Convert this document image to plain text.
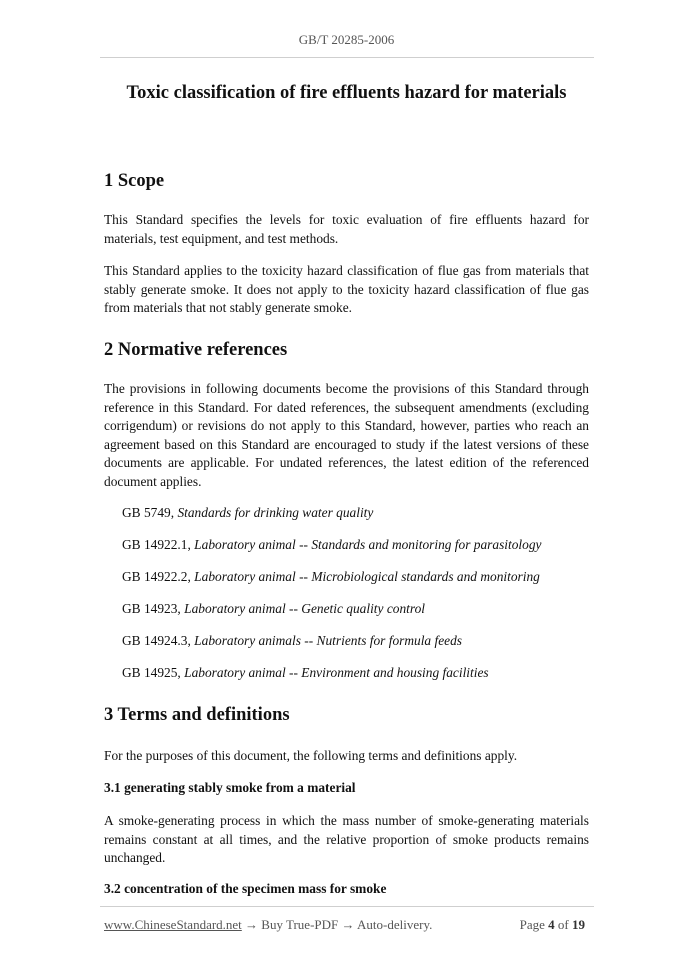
GB/T 20285-2006
Toxic classification of fire effluents hazard for materials
1 Scope

This Standard specifies the levels for toxic evaluation of fire effluents hazard for materials, test equipment, and test methods.

This Standard applies to the toxicity hazard classification of flue gas from materials that stably generate smoke. It does not apply to the toxicity hazard classification of flue gas from materials that not stably generate smoke.

2 Normative references

The provisions in following documents become the provisions of this Standard through reference in this Standard. For dated references, the subsequent amendments (excluding corrigendum) or revisions do not apply to this Standard, however, parties who reach an agreement based on this Standard are encouraged to study if the latest versions of these documents are applicable. For undated references, the latest edition of the referenced document applies.

GB 5749, Standards for drinking water quality
GB 14922.1, Laboratory animal -- Standards and monitoring for parasitology
GB 14922.2, Laboratory animal -- Microbiological standards and monitoring
GB 14923, Laboratory animal -- Genetic quality control
GB 14924.3, Laboratory animals -- Nutrients for formula feeds
GB 14925, Laboratory animal -- Environment and housing facilities
3 Terms and definitions

For the purposes of this document, the following terms and definitions apply.

3.1 generating stably smoke from a material

A smoke-generating process in which the mass number of smoke-generating materials remains constant at all times, and the relative proportion of smoke products remains unchanged.

3.2 concentration of the specimen mass for smoke
www.ChineseStandard.net → Buy True-PDF → Auto-delivery.	Page 4 of 19
